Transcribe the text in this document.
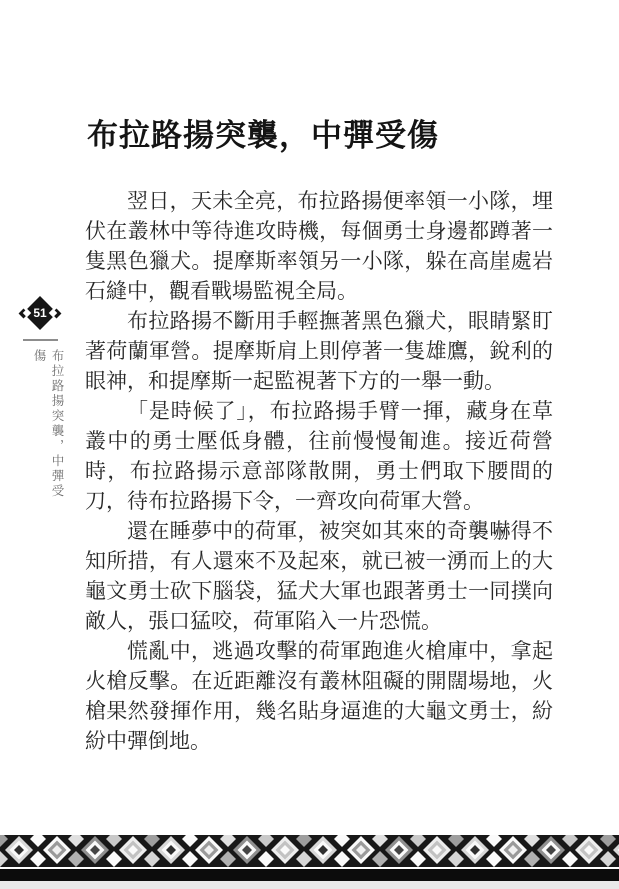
51
布拉路揚突襲，中彈受傷
布拉路揚突襲，中彈受傷

翌日，天未全亮，布拉路揚便率領一小隊，埋伏在叢林中等待進攻時機，每個勇士身邊都蹲著一隻黑色獵犬。提摩斯率領另一小隊，躲在高崖處岩石縫中，觀看戰場監視全局。

布拉路揚不斷用手輕撫著黑色獵犬，眼睛緊盯著荷蘭軍營。提摩斯肩上則停著一隻雄鷹，銳利的眼神，和提摩斯一起監視著下方的一舉一動。

「是時候了」，布拉路揚手臂一揮，藏身在草叢中的勇士壓低身體，往前慢慢匍進。接近荷營時，布拉路揚示意部隊散開，勇士們取下腰間的刀，待布拉路揚下令，一齊攻向荷軍大營。

還在睡夢中的荷軍，被突如其來的奇襲嚇得不知所措，有人還來不及起來，就已被一湧而上的大龜文勇士砍下腦袋，猛犬大軍也跟著勇士一同撲向敵人，張口猛咬，荷軍陷入一片恐慌。

慌亂中，逃過攻擊的荷軍跑進火槍庫中，拿起火槍反擊。在近距離沒有叢林阻礙的開闊場地，火槍果然發揮作用，幾名貼身逼進的大龜文勇士，紛紛中彈倒地。
